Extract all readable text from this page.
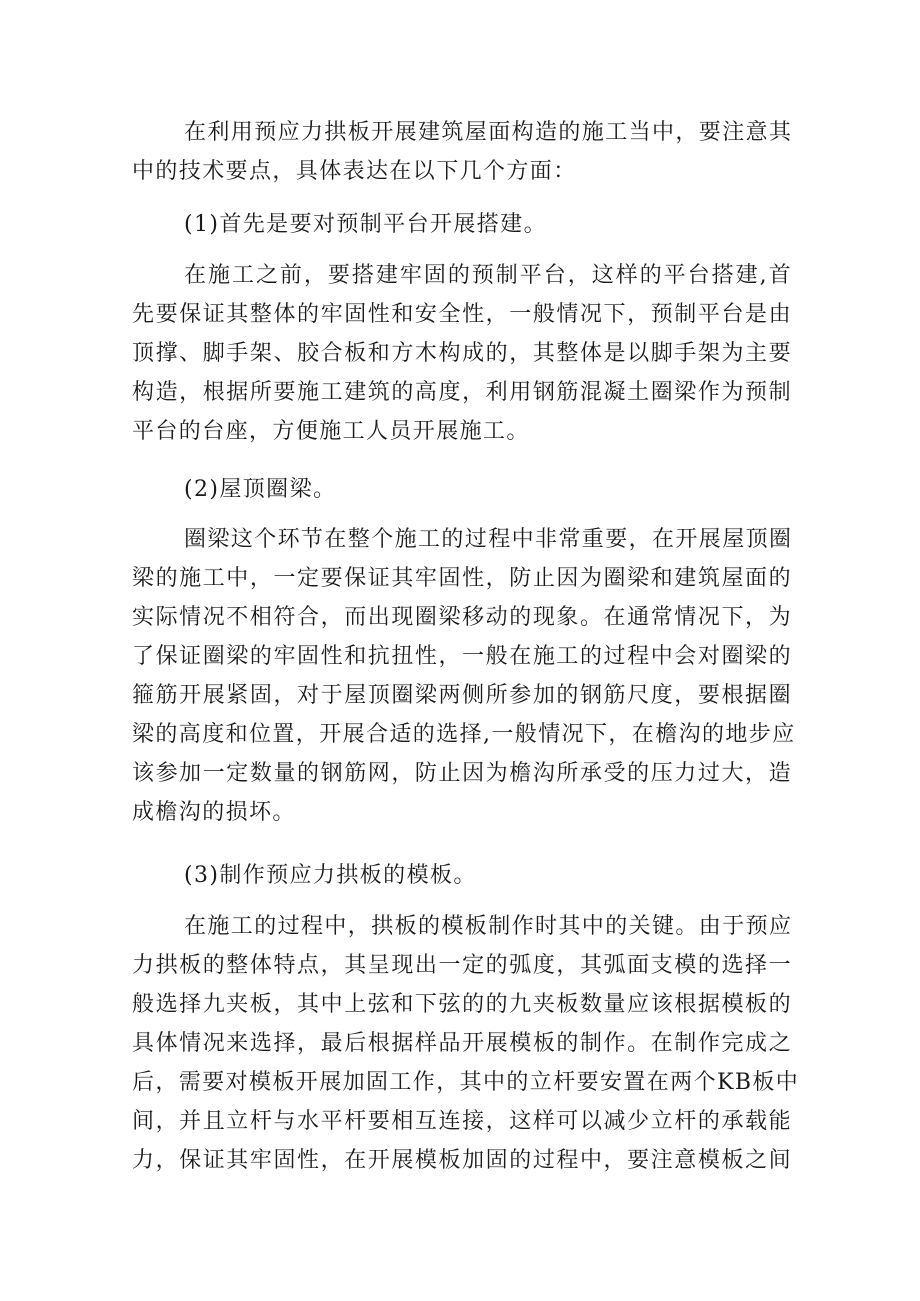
在利用预应力拱板开展建筑屋面构造的施工当中，要注意其
中的技术要点，具体表达在以下几个方面：
(1)首先是要对预制平台开展搭建。
在施工之前，要搭建牢固的预制平台，这样的平台搭建,首
先要保证其整体的牢固性和安全性，一般情况下，预制平台是由
顶撑、脚手架、胶合板和方木构成的，其整体是以脚手架为主要
构造，根据所要施工建筑的高度，利用钢筋混凝土圈梁作为预制
平台的台座，方便施工人员开展施工。
(2)屋顶圈梁。
圈梁这个环节在整个施工的过程中非常重要，在开展屋顶圈
梁的施工中，一定要保证其牢固性，防止因为圈梁和建筑屋面的
实际情况不相符合，而出现圈梁移动的现象。在通常情况下，为
了保证圈梁的牢固性和抗扭性，一般在施工的过程中会对圈梁的
箍筋开展紧固，对于屋顶圈梁两侧所参加的钢筋尺度，要根据圈
梁的高度和位置，开展合适的选择,一般情况下，在檐沟的地步应
该参加一定数量的钢筋网，防止因为檐沟所承受的压力过大，造
成檐沟的损坏。
(3)制作预应力拱板的模板。
在施工的过程中，拱板的模板制作时其中的关键。由于预应
力拱板的整体特点，其呈现出一定的弧度，其弧面支模的选择一
般选择九夹板，其中上弦和下弦的的九夹板数量应该根据模板的
具体情况来选择，最后根据样品开展模板的制作。在制作完成之
后，需要对模板开展加固工作，其中的立杆要安置在两个KB板中
间，并且立杆与水平杆要相互连接，这样可以减少立杆的承载能
力，保证其牢固性，在开展模板加固的过程中，要注意模板之间
